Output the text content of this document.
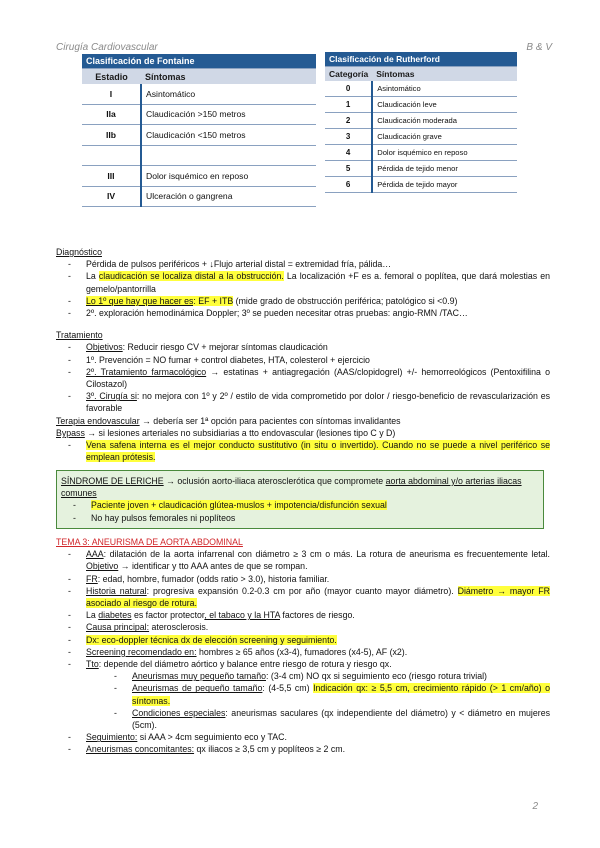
Cirugía Cardiovascular	B & V
Clasificación de Fontaine	
Estadio	Síntomas
I	Asintomático
IIa	Claudicación >150 metros
IIb	Claudicación <150 metros

III	Dolor isquémico en reposo
IV	Ulceración o gangrena
Clasificación de Rutherford	
Categoría	Síntomas
0	Asintomático
1	Claudicación leve
2	Claudicación moderada
3	Claudicación grave
4	Dolor isquémico en reposo
5	Pérdida de tejido menor
6	Pérdida de tejido mayor
Diagnóstico
- Pérdida de pulsos periféricos + ↓Flujo arterial distal = extremidad fría, pálida…
- La claudicación se localiza distal a la obstrucción. La localización +F es a. femoral o poplítea, que dará molestias en gemelo/pantorrilla
- Lo 1º que hay que hacer es: EF + ITB (mide grado de obstrucción periférica; patológico si <0.9)
- 2º. exploración hemodinámica Doppler; 3º se pueden necesitar otras pruebas: angio-RMN /TAC…
Tratamiento
- Objetivos: Reducir riesgo CV + mejorar síntomas claudicación
- 1º. Prevención = NO fumar + control diabetes, HTA, colesterol + ejercicio
- 2º. Tratamiento farmacológico → estatinas + antiagregación (AAS/clopidogrel) +/- hemorreológicos (Pentoxifilina o Cilostazol)
- 3º. Cirugía si: no mejora con 1º y 2º / estilo de vida comprometido por dolor / riesgo-beneficio de revascularización es favorable

Terapia endovascular → debería ser 1ª opción para pacientes con síntomas invalidantes

Bypass → si lesiones arteriales no subsidiarias a tto endovascular (lesiones tipo C y D)

- Vena safena interna es el mejor conducto sustitutivo (in situ o invertido). Cuando no se puede a nivel periférico se emplean prótesis.
SÍNDROME DE LERICHE → oclusión aorto-iliaca aterosclerótica que compromete aorta abdominal y/o arterias iliacas comunes
- Paciente joven + claudicación glútea-muslos + impotencia/disfunción sexual
- No hay pulsos femorales ni poplíteos
TEMA 3: ANEURISMA DE AORTA ABDOMINAL
- AAA: dilatación de la aorta infarrenal con diámetro ≥ 3 cm o más. La rotura de aneurisma es frecuentemente letal. Objetivo → identificar y tto AAA antes de que se rompan.
- FR: edad, hombre, fumador (odds ratio > 3.0), historia familiar.
- Historia natural: progresiva expansión 0.2-0.3 cm por año (mayor cuanto mayor diámetro). Diámetro → mayor FR asociado al riesgo de rotura.
- La diabetes es factor protector, el tabaco y la HTA factores de riesgo.
- Causa principal: aterosclerosis.
- Dx: eco-doppler técnica dx de elección screening y seguimiento.
- Screening recomendado en: hombres ≥ 65 años (x3-4), fumadores (x4-5), AF (x2).
- Tto: depende del diámetro aórtico y balance entre riesgo de rotura y riesgo qx.
- Aneurismas muy pequeño tamaño: (3-4 cm) NO qx si seguimiento eco (riesgo rotura trivial)
- Aneurismas de pequeño tamaño: (4-5,5 cm) Indicación qx: ≥ 5,5 cm, crecimiento rápido (> 1 cm/año) o síntomas.
- Condiciones especiales: aneurismas saculares (qx independiente del diámetro) y < diámetro en mujeres (5cm).
- Seguimiento: si AAA > 4cm seguimiento eco y TAC.
- Aneurismas concomitantes: qx iliacos ≥ 3,5 cm y poplíteos ≥ 2 cm.
2
